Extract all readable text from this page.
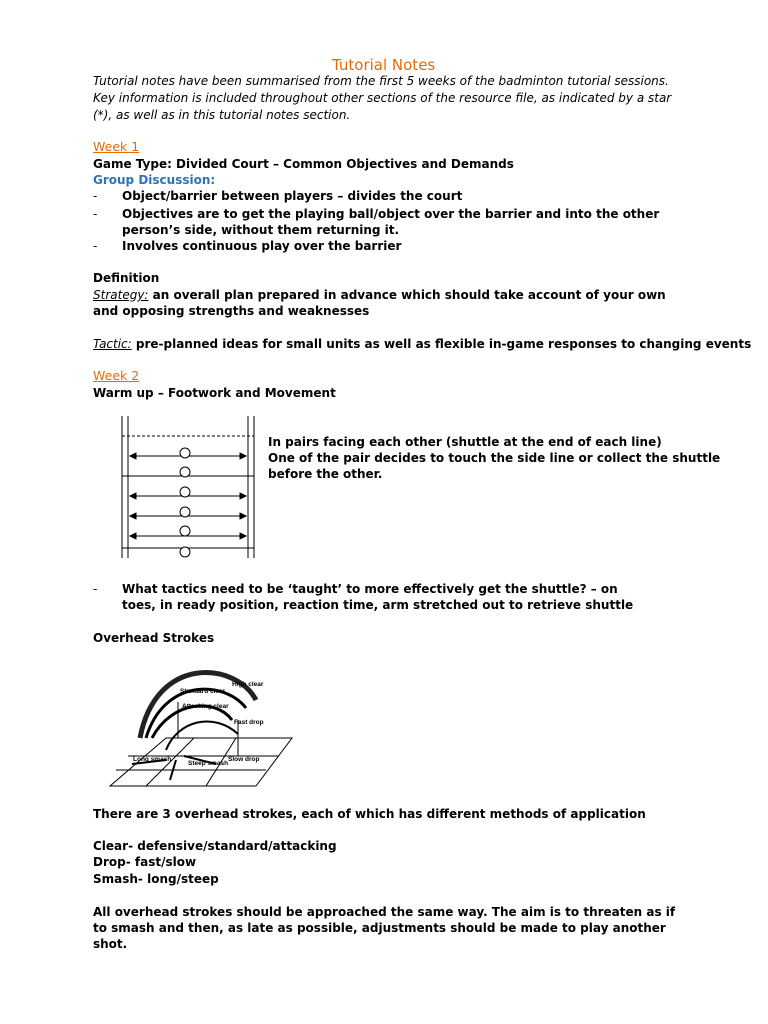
Tutorial Notes
Tutorial notes have been summarised from the first 5 weeks of the badminton tutorial sessions. Key information is included throughout other sections of the resource file, as indicated by a star (*), as well as in this tutorial notes section.
Week 1
Game Type: Divided Court – Common Objectives and Demands
Group Discussion:
- Object/barrier between players – divides the court
- Objectives are to get the playing ball/object over the barrier and into the other person’s side, without them returning it.
- Involves continuous play over the barrier
Definition
Strategy: an overall plan prepared in advance which should take account of your own and opposing strengths and weaknesses
Tactic: pre-planned ideas for small units as well as flexible in-game responses to changing events
Week 2
Warm up – Footwork and Movement
In pairs facing each other (shuttle at the end of each line)
One of the pair decides to touch the side line or collect the shuttle
before the other.
- What tactics need to be ‘taught’ to more effectively get the shuttle? – on toes, in ready position, reaction time, arm stretched out to retrieve shuttle
Overhead Strokes
High clear
Standard clear
Attacking clear
Fast drop
Long smash
Steep smash
Slow drop
There are 3 overhead strokes, each of which has different methods of application
Clear- defensive/standard/attacking
Drop- fast/slow
Smash- long/steep
All overhead strokes should be approached the same way. The aim is to threaten as if to smash and then, as late as possible, adjustments should be made to play another shot.
